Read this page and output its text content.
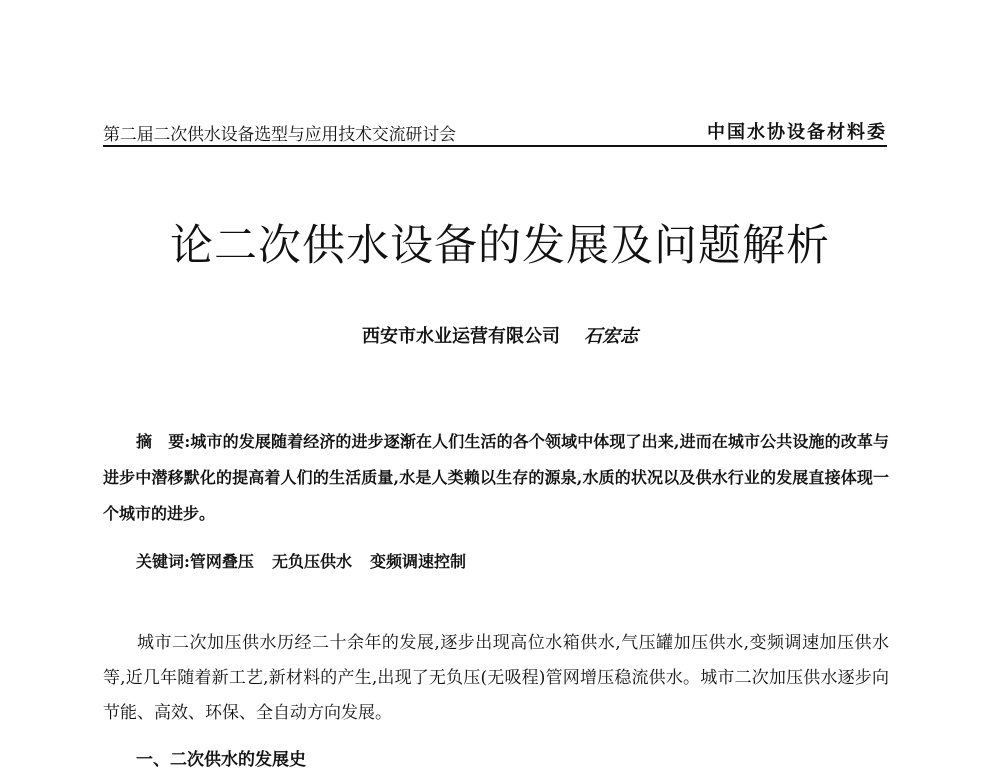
第二届二次供水设备选型与应用技术交流研讨会	中国水协设备材料委
论二次供水设备的发展及问题解析
西安市水业运营有限公司 石宏志

摘　要:城市的发展随着经济的进步逐渐在人们生活的各个领域中体现了出来,进而在城市公共设施的改革与进步中潜移默化的提高着人们的生活质量,水是人类赖以生存的源泉,水质的状况以及供水行业的发展直接体现一个城市的进步。

关键词:管网叠压 无负压供水 变频调速控制

城市二次加压供水历经二十余年的发展,逐步出现高位水箱供水,气压罐加压供水,变频调速加压供水等,近几年随着新工艺,新材料的产生,出现了无负压(无吸程)管网增压稳流供水。城市二次加压供水逐步向节能、高效、环保、全自动方向发展。

一、二次供水的发展史
